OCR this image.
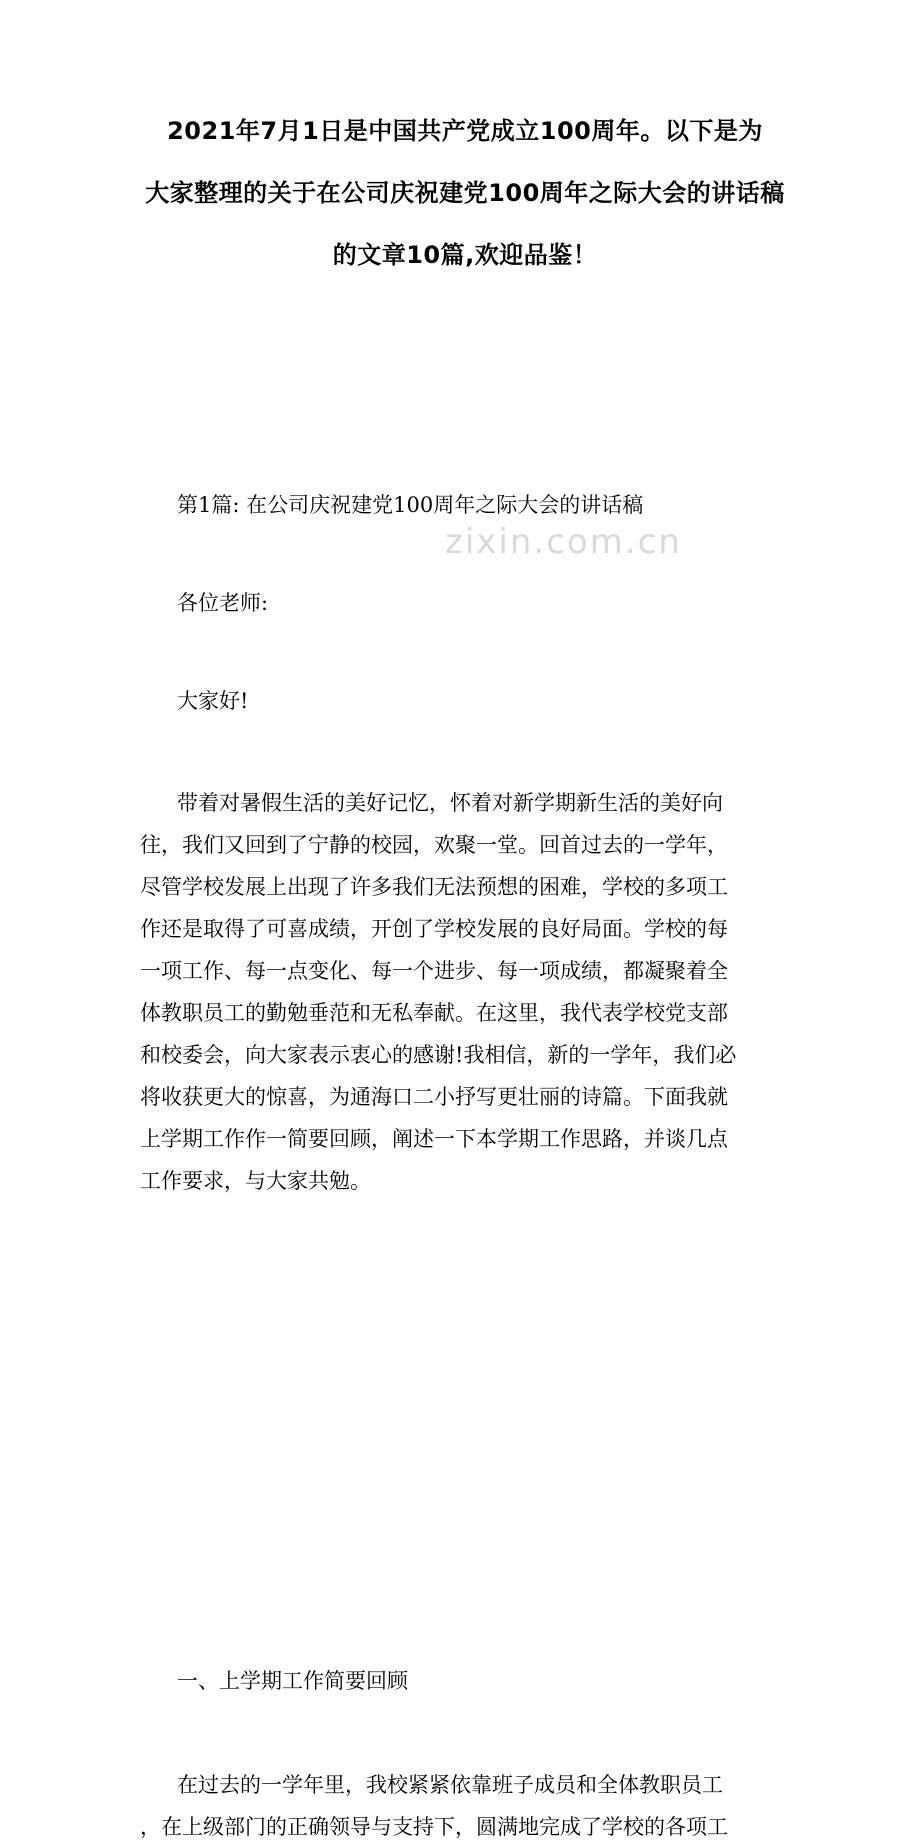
zixin.com.cn
2021年7月1日是中国共产党成立100周年。以下是为
大家整理的关于在公司庆祝建党100周年之际大会的讲话稿
的文章10篇,欢迎品鉴！
第1篇: 在公司庆祝建党100周年之际大会的讲话稿
各位老师:
大家好!
带着对暑假生活的美好记忆，怀着对新学期新生活的美好向
往，我们又回到了宁静的校园，欢聚一堂。回首过去的一学年，
尽管学校发展上出现了许多我们无法预想的困难，学校的多项工
作还是取得了可喜成绩，开创了学校发展的良好局面。学校的每
一项工作、每一点变化、每一个进步、每一项成绩，都凝聚着全
体教职员工的勤勉垂范和无私奉献。在这里，我代表学校党支部
和校委会，向大家表示衷心的感谢!我相信，新的一学年，我们必
将收获更大的惊喜，为通海口二小抒写更壮丽的诗篇。下面我就
上学期工作作一简要回顾，阐述一下本学期工作思路，并谈几点
工作要求，与大家共勉。
一、上学期工作简要回顾
在过去的一学年里，我校紧紧依靠班子成员和全体教职员工
，在上级部门的正确领导与支持下，圆满地完成了学校的各项工
